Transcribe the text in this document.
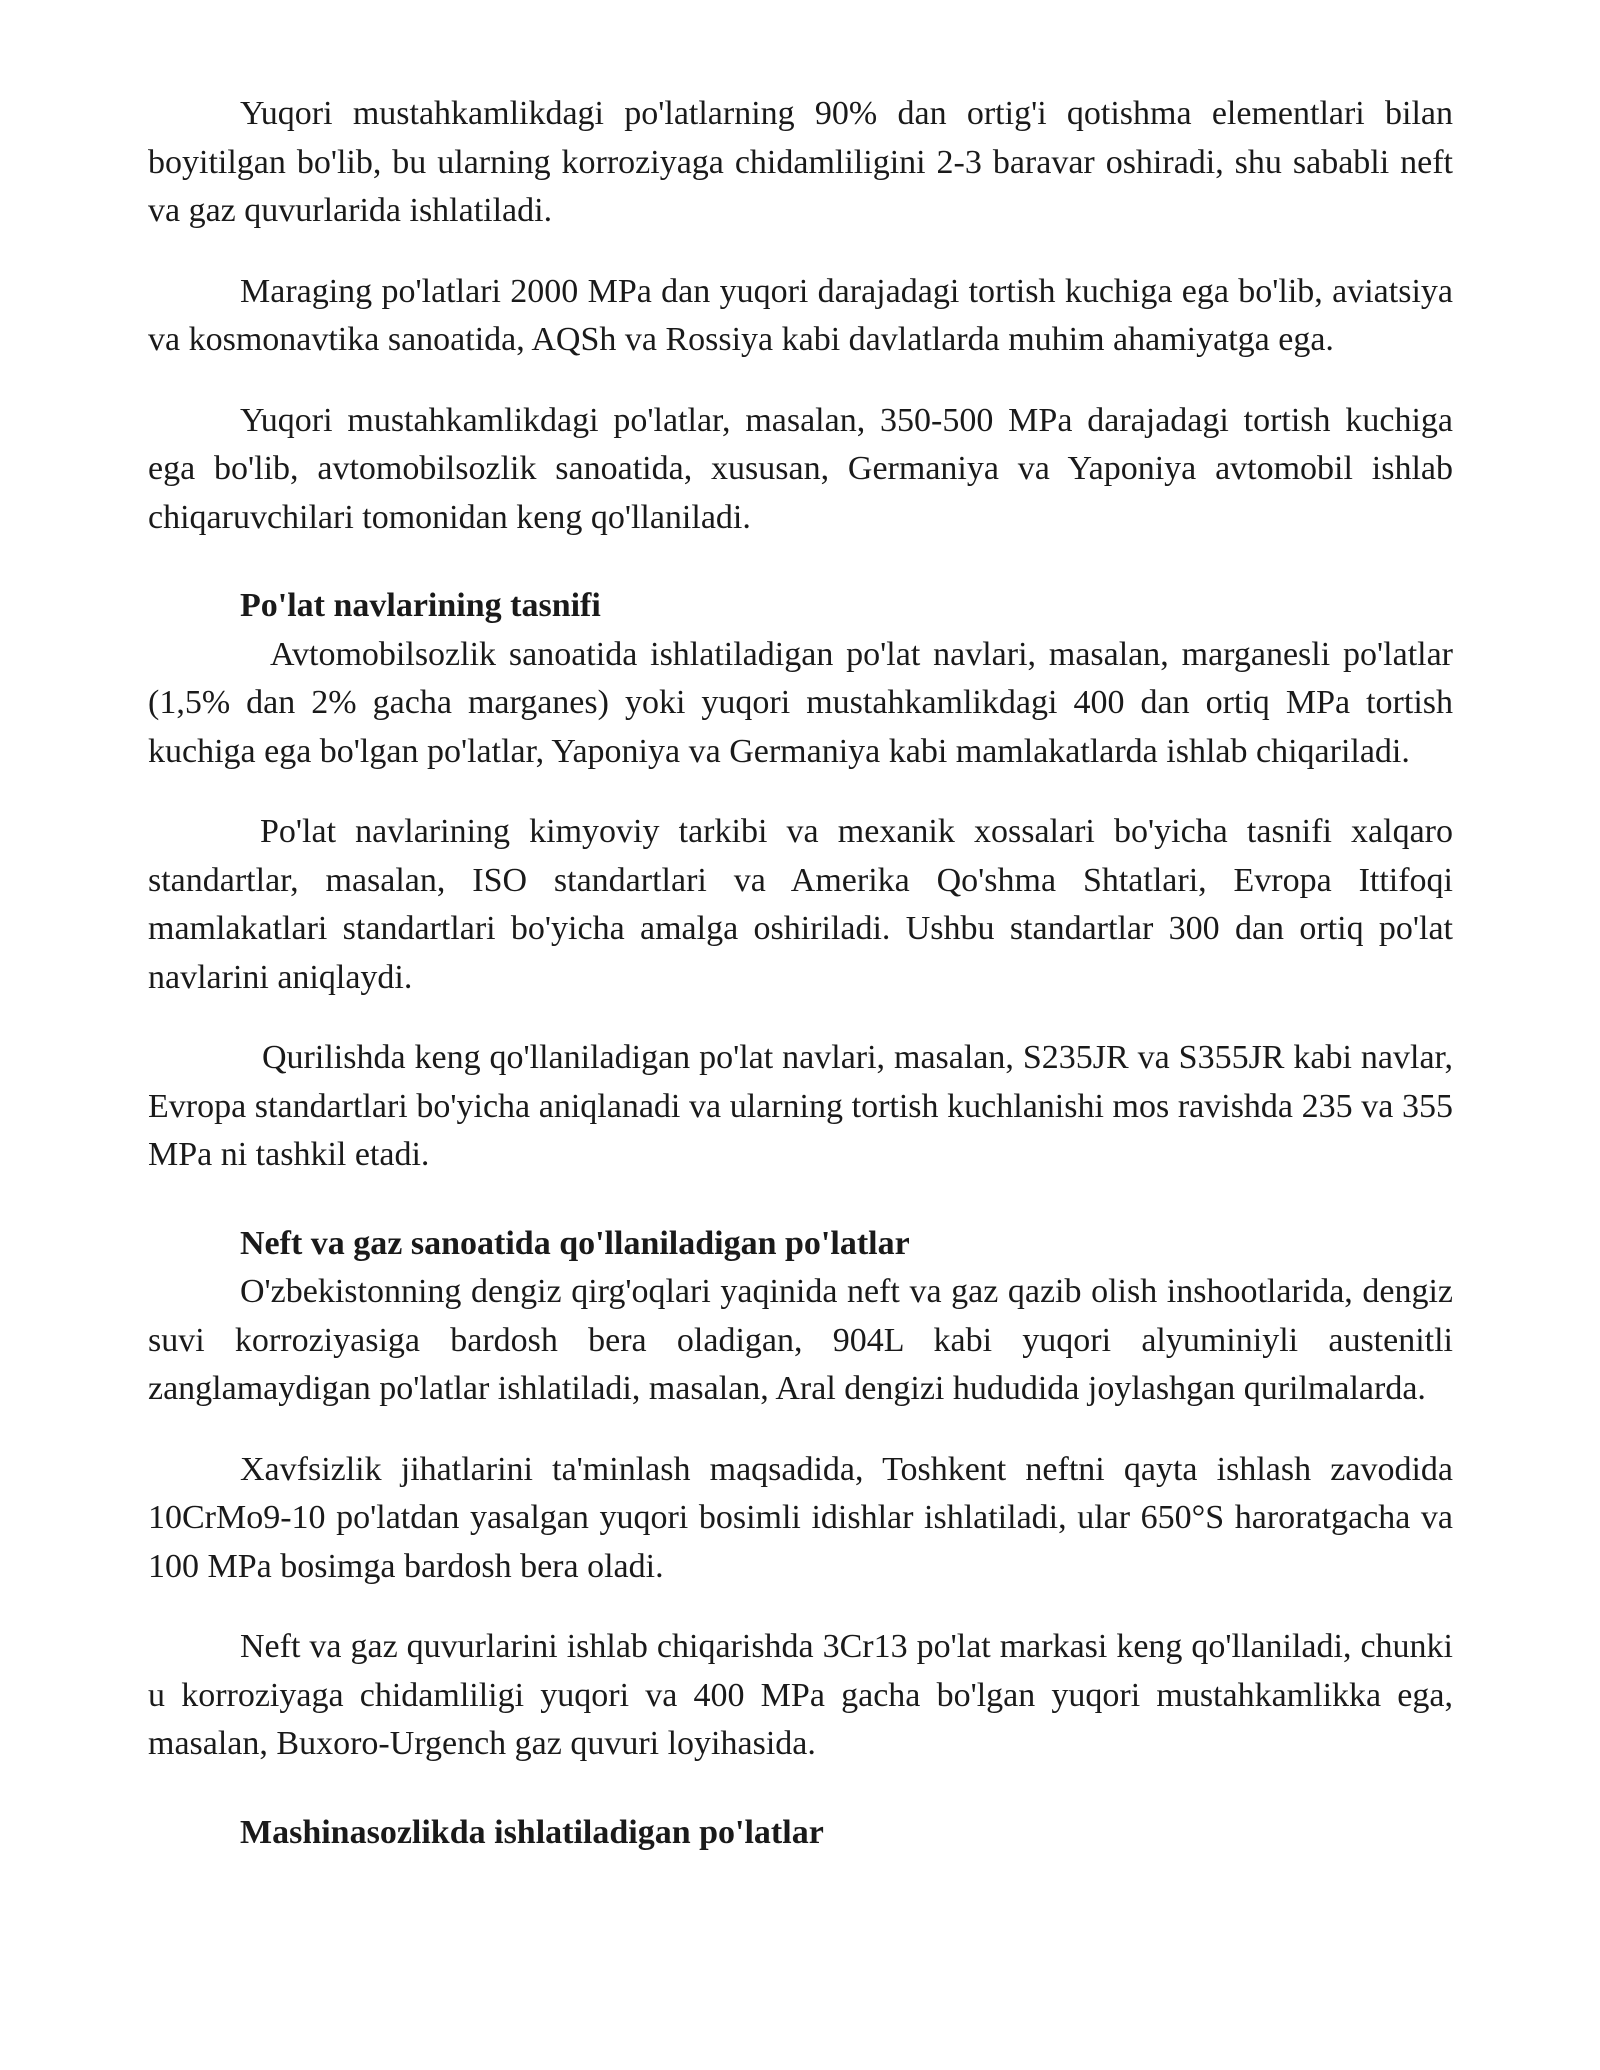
Yuqori mustahkamlikdagi po'latlarning 90% dan ortig'i qotishma elementlari bilan boyitilgan bo'lib, bu ularning korroziyaga chidamliligini 2-3 baravar oshiradi, shu sababli neft va gaz quvurlarida ishlatiladi.

Maraging po'latlari 2000 MPa dan yuqori darajadagi tortish kuchiga ega bo'lib, aviatsiya va kosmonavtika sanoatida, AQSh va Rossiya kabi davlatlarda muhim ahamiyatga ega.

Yuqori mustahkamlikdagi po'latlar, masalan, 350-500 MPa darajadagi tortish kuchiga ega bo'lib, avtomobilsozlik sanoatida, xususan, Germaniya va Yaponiya avtomobil ishlab chiqaruvchilari tomonidan keng qo'llaniladi.

Po'lat navlarining tasnifi

Avtomobilsozlik sanoatida ishlatiladigan po'lat navlari, masalan, marganesli po'latlar (1,5% dan 2% gacha marganes) yoki yuqori mustahkamlikdagi 400 dan ortiq MPa tortish kuchiga ega bo'lgan po'latlar, Yaponiya va Germaniya kabi mamlakatlarda ishlab chiqariladi.

Po'lat navlarining kimyoviy tarkibi va mexanik xossalari bo'yicha tasnifi xalqaro standartlar, masalan, ISO standartlari va Amerika Qo'shma Shtatlari, Evropa Ittifoqi mamlakatlari standartlari bo'yicha amalga oshiriladi. Ushbu standartlar 300 dan ortiq po'lat navlarini aniqlaydi.

Qurilishda keng qo'llaniladigan po'lat navlari, masalan, S235JR va S355JR kabi navlar, Evropa standartlari bo'yicha aniqlanadi va ularning tortish kuchlanishi mos ravishda 235 va 355 MPa ni tashkil etadi.

Neft va gaz sanoatida qo'llaniladigan po'latlar

O'zbekistonning dengiz qirg'oqlari yaqinida neft va gaz qazib olish inshootlarida, dengiz suvi korroziyasiga bardosh bera oladigan, 904L kabi yuqori alyuminiyli austenitli zanglamaydigan po'latlar ishlatiladi, masalan, Aral dengizi hududida joylashgan qurilmalarda.

Xavfsizlik jihatlarini ta'minlash maqsadida, Toshkent neftni qayta ishlash zavodida 10CrMo9-10 po'latdan yasalgan yuqori bosimli idishlar ishlatiladi, ular 650°S haroratgacha va 100 MPa bosimga bardosh bera oladi.

Neft va gaz quvurlarini ishlab chiqarishda 3Cr13 po'lat markasi keng qo'llaniladi, chunki u korroziyaga chidamliligi yuqori va 400 MPa gacha bo'lgan yuqori mustahkamlikka ega, masalan, Buxoro-Urgench gaz quvuri loyihasida.

Mashinasozlikda ishlatiladigan po'latlar
